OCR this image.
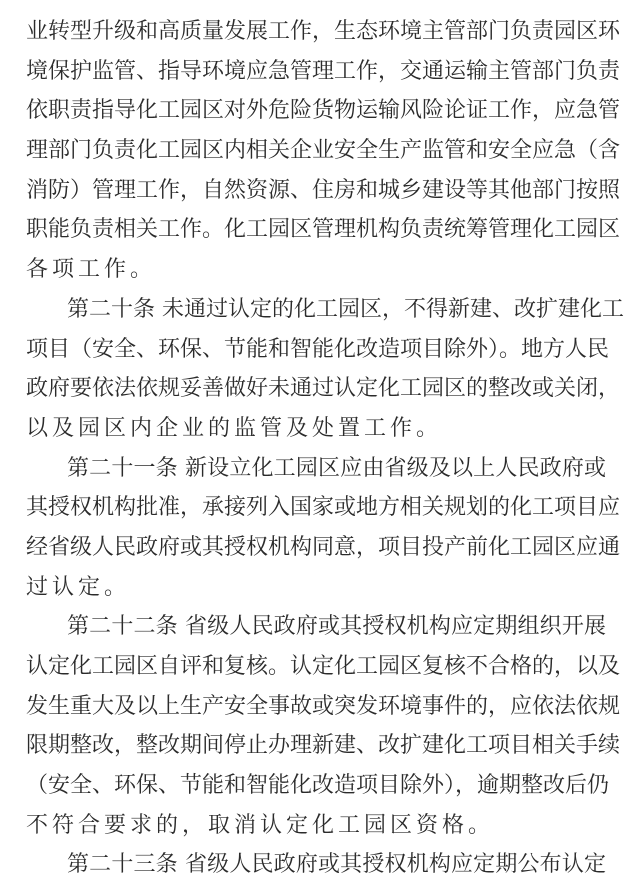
业转型升级和高质量发展工作，生态环境主管部门负责园区环
境保护监管、指导环境应急管理工作，交通运输主管部门负责
依职责指导化工园区对外危险货物运输风险论证工作，应急管
理部门负责化工园区内相关企业安全生产监管和安全应急（含
消防）管理工作，自然资源、住房和城乡建设等其他部门按照
职能负责相关工作。化工园区管理机构负责统筹管理化工园区
各项工作。
第二十条 未通过认定的化工园区，不得新建、改扩建化工
项目（安全、环保、节能和智能化改造项目除外）。地方人民
政府要依法依规妥善做好未通过认定化工园区的整改或关闭，
以及园区内企业的监管及处置工作。
第二十一条 新设立化工园区应由省级及以上人民政府或
其授权机构批准，承接列入国家或地方相关规划的化工项目应
经省级人民政府或其授权机构同意，项目投产前化工园区应通
过认定。
第二十二条 省级人民政府或其授权机构应定期组织开展
认定化工园区自评和复核。认定化工园区复核不合格的，以及
发生重大及以上生产安全事故或突发环境事件的，应依法依规
限期整改，整改期间停止办理新建、改扩建化工项目相关手续
（安全、环保、节能和智能化改造项目除外），逾期整改后仍
不符合要求的，取消认定化工园区资格。
第二十三条 省级人民政府或其授权机构应定期公布认定
